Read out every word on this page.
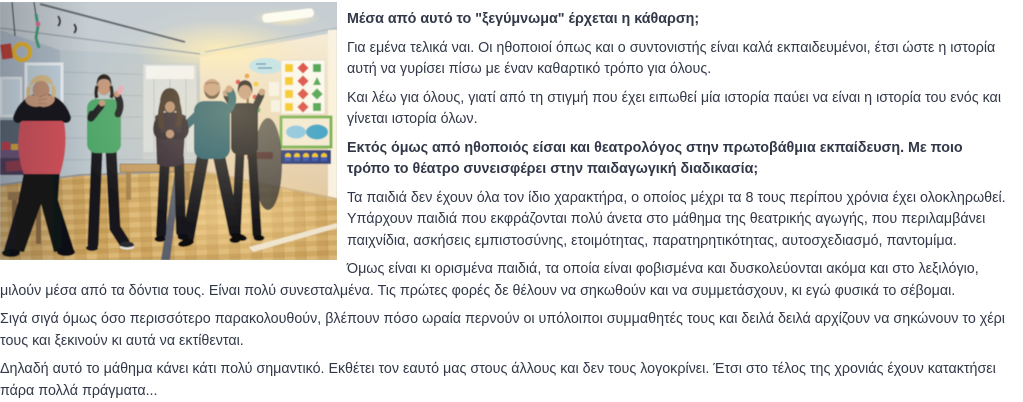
Μέσα από αυτό το "ξεγύμνωμα" έρχεται η κάθαρση;

Για εμένα τελικά ναι. Οι ηθοποιοί όπως και ο συντονιστής είναι καλά εκπαιδευμένοι, έτσι ώστε η ιστορία αυτή να γυρίσει πίσω με έναν καθαρτικό τρόπο για όλους.

Και λέω για όλους, γιατί από τη στιγμή που έχει ειπωθεί μία ιστορία παύει να είναι η ιστορία του ενός και γίνεται ιστορία όλων.

Εκτός όμως από ηθοποιός είσαι και θεατρολόγος στην πρωτοβάθμια εκπαίδευση. Με ποιο τρόπο το θέατρο συνεισφέρει στην παιδαγωγική διαδικασία;

Τα παιδιά δεν έχουν όλα τον ίδιο χαρακτήρα, ο οποίος μέχρι τα 8 τους περίπου χρόνια έχει ολοκληρωθεί. Υπάρχουν παιδιά που εκφράζονται πολύ άνετα στο μάθημα της θεατρικής αγωγής, που περιλαμβάνει παιχνίδια, ασκήσεις εμπιστοσύνης, ετοιμότητας, παρατηρητικότητας, αυτοσχεδιασμό, παντομίμα.

Όμως είναι κι ορισμένα παιδιά, τα οποία είναι φοβισμένα και δυσκολεύονται ακόμα και στο λεξιλόγιο, μιλούν μέσα από τα δόντια τους. Είναι πολύ συνεσταλμένα. Τις πρώτες φορές δε θέλουν να σηκωθούν και να συμμετάσχουν, κι εγώ φυσικά το σέβομαι.

Σιγά σιγά όμως όσο περισσότερο παρακολουθούν, βλέπουν πόσο ωραία περνούν οι υπόλοιποι συμμαθητές τους και δειλά δειλά αρχίζουν να σηκώνουν το χέρι τους και ξεκινούν κι αυτά να εκτίθενται.

Δηλαδή αυτό το μάθημα κάνει κάτι πολύ σημαντικό. Εκθέτει τον εαυτό μας στους άλλους και δεν τους λογοκρίνει. Έτσι στο τέλος της χρονιάς έχουν κατακτήσει πάρα πολλά πράγματα...
